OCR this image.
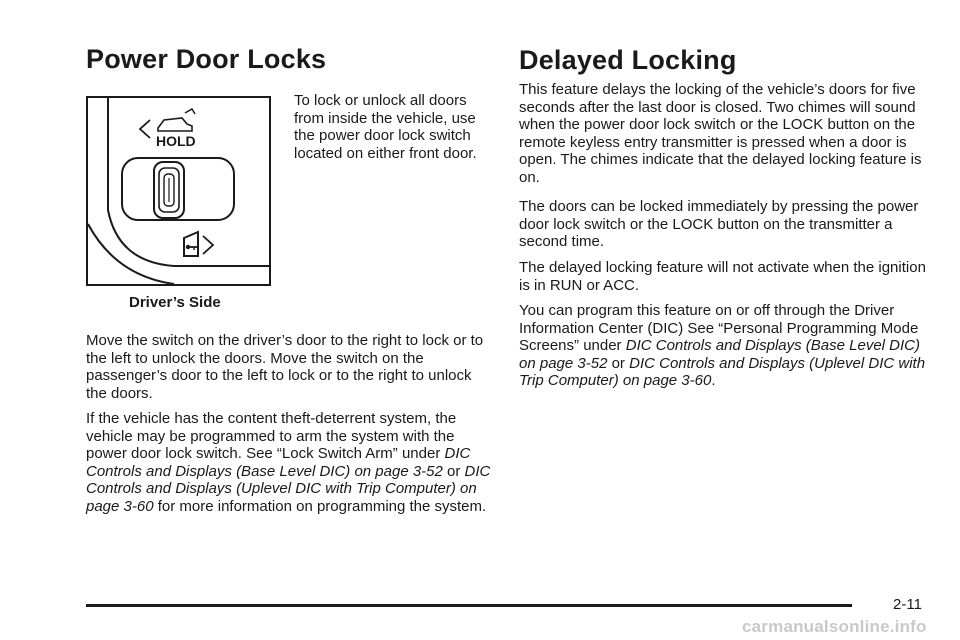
Power Door Locks	Delayed Locking
HOLD
Driver’s Side

To lock or unlock all doors from inside the vehicle, use the power door lock switch located on either front door.

Move the switch on the driver’s door to the right to lock or to the left to unlock the doors. Move the switch on the passenger’s door to the left to lock or to the right to unlock the doors.

If the vehicle has the content theft-deterrent system, the vehicle may be programmed to arm the system with the power door lock switch. See “Lock Switch Arm” under DIC Controls and Displays (Base Level DIC) on page 3-52 or DIC Controls and Displays (Uplevel DIC with Trip Computer) on page 3-60 for more information on programming the system.

This feature delays the locking of the vehicle’s doors for five seconds after the last door is closed. Two chimes will sound when the power door lock switch or the LOCK button on the remote keyless entry transmitter is pressed when a door is open. The chimes indicate that the delayed locking feature is on.

The doors can be locked immediately by pressing the power door lock switch or the LOCK button on the transmitter a second time.

The delayed locking feature will not activate when the ignition is in RUN or ACC.

You can program this feature on or off through the Driver Information Center (DIC) See “Personal Programming Mode Screens” under DIC Controls and Displays (Base Level DIC) on page 3-52 or DIC Controls and Displays (Uplevel DIC with Trip Computer) on page 3-60.

2-11
carmanualsonline.info
